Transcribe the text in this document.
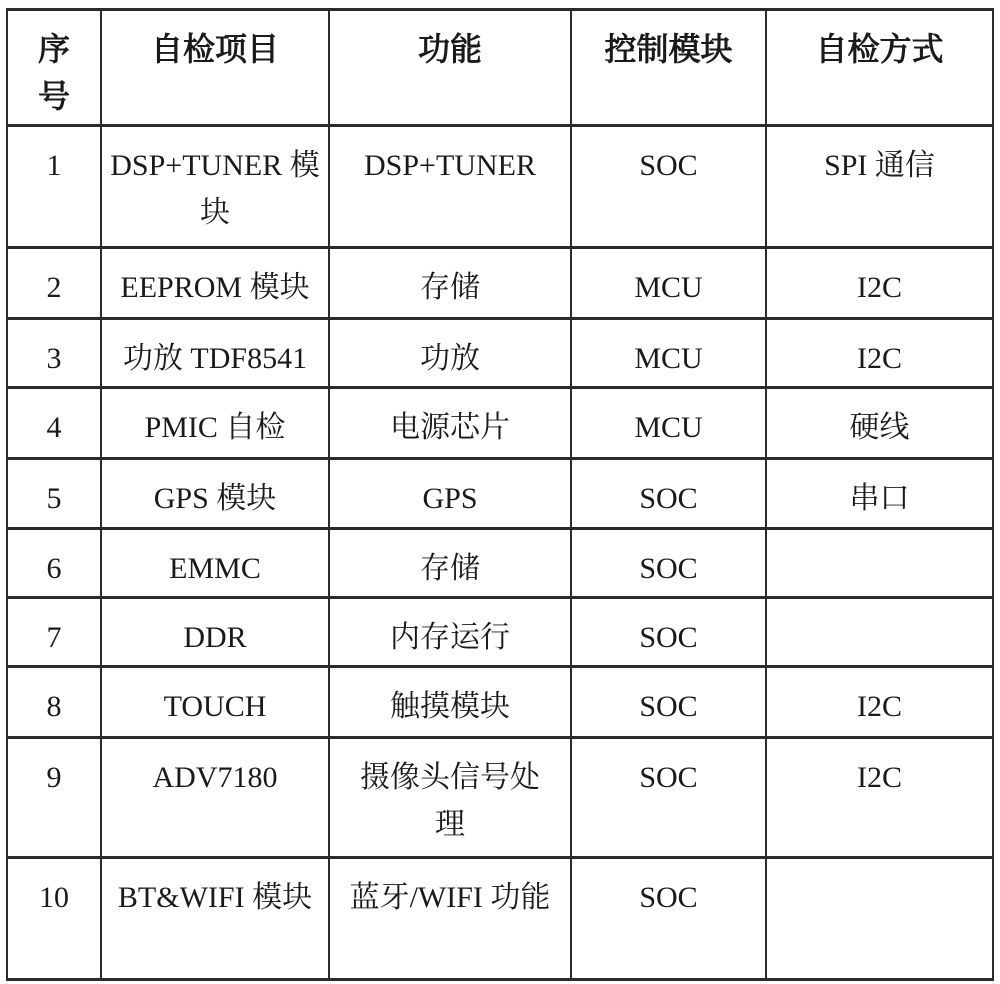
序号	自检项目	功能	控制模块	自检方式
1	DSP+TUNER 模块	DSP+TUNER	SOC	SPI 通信
2	EEPROM 模块	存储	MCU	I2C
3	功放 TDF8541	功放	MCU	I2C
4	PMIC 自检	电源芯片	MCU	硬线
5	GPS 模块	GPS	SOC	串口
6	EMMC	存储	SOC	
7	DDR	内存运行	SOC	
8	TOUCH	触摸模块	SOC	I2C
9	ADV7180	摄像头信号处理	SOC	I2C
10	BT&WIFI 模块	蓝牙/WIFI 功能	SOC	
